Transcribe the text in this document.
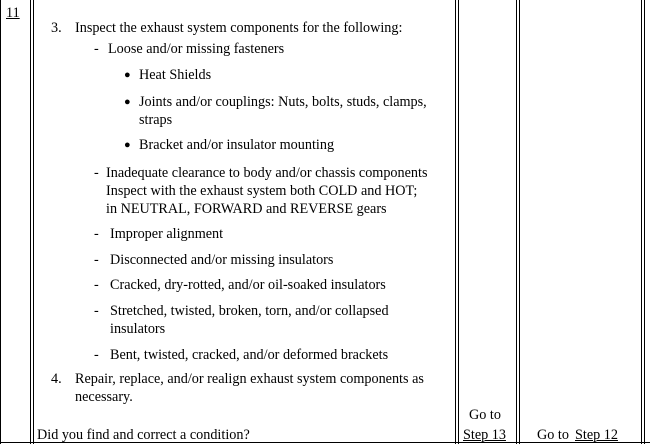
11
3. Inspect the exhaust system components for the following:
- Loose and/or missing fasteners
● Heat Shields
● Joints and/or couplings: Nuts, bolts, studs, clamps,
straps
● Bracket and/or insulator mounting
- Inadequate clearance to body and/or chassis components
Inspect with the exhaust system both COLD and HOT;
in NEUTRAL, FORWARD and REVERSE gears
- Improper alignment
- Disconnected and/or missing insulators
- Cracked, dry-rotted, and/or oil-soaked insulators
- Stretched, twisted, broken, torn, and/or collapsed
insulators
- Bent, twisted, cracked, and/or deformed brackets
4. Repair, replace, and/or realign exhaust system components as
necessary.
Did you find and correct a condition?
Go to
Step 13 Go to Step 12
